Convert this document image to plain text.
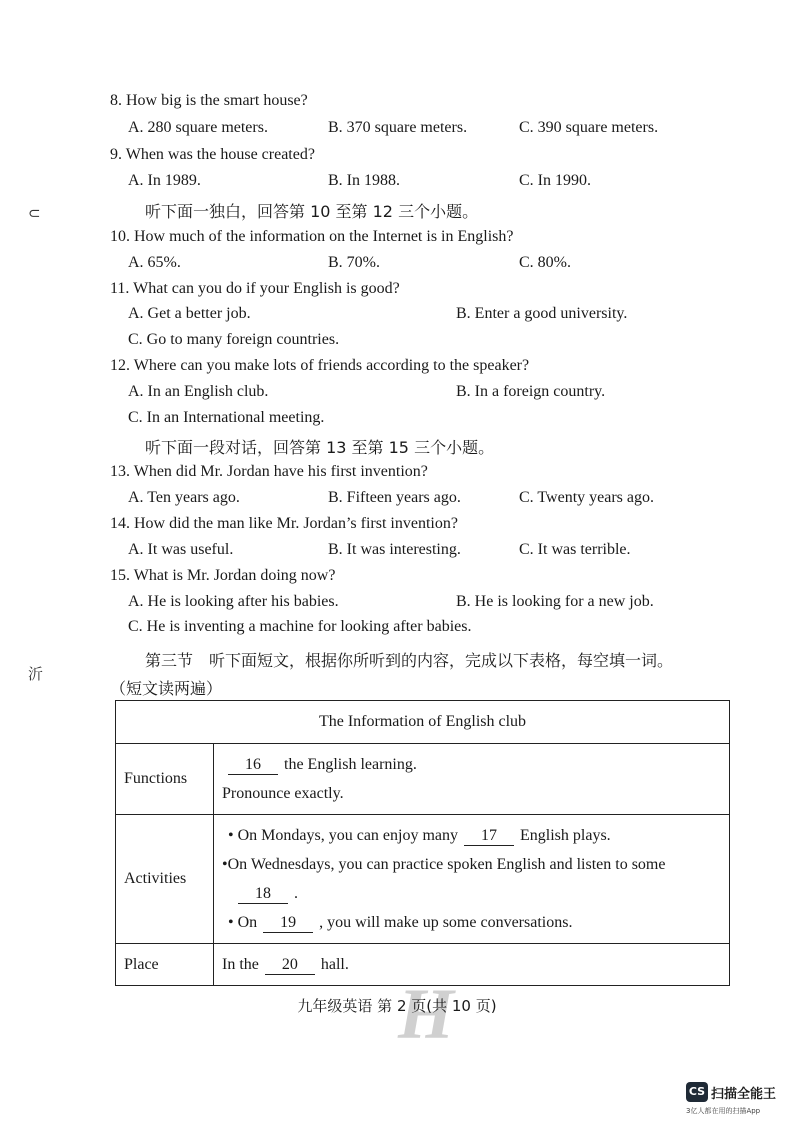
8. How big is the smart house?
A. 280 square meters.	B. 370 square meters.	C. 390 square meters.
9. When was the house created?
A. In 1989.	B. In 1988.	C. In 1990.
⊂	听下面一独白，回答第 10 至第 12 三个小题。
10. How much of the information on the Internet is in English?
A. 65%.	B. 70%.	C. 80%.
11. What can you do if your English is good?
A. Get a better job.	B. Enter a good university.
C. Go to many foreign countries.
12. Where can you make lots of friends according to the speaker?
A. In an English club.	B. In a foreign country.
C. In an International meeting.
听下面一段对话，回答第 13 至第 15 三个小题。
13. When did Mr. Jordan have his first invention?
A. Ten years ago.	B. Fifteen years ago.	C. Twenty years ago.
14. How did the man like Mr. Jordan’s first invention?
A. It was useful.	B. It was interesting.	C. It was terrible.
15. What is Mr. Jordan doing now?
A. He is looking after his babies.	B. He is looking for a new job.
C. He is inventing a machine for looking after babies.
第三节　听下面短文，根据你所听到的内容，完成以下表格，每空填一词。
沂
（短文读两遍）
The Information of English club	
Functions	16 the English learning.
Pronounce exactly.

Activities	• On Mondays, you can enjoy many 17 English plays.
•On Wednesdays, you can practice spoken English and listen to some
18 .
• On 19 , you will make up some conversations.

Place	In the 20 hall.
H
九年级英语 第 2 页(共 10 页)
CS 扫描全能王
3亿人都在用的扫描App
